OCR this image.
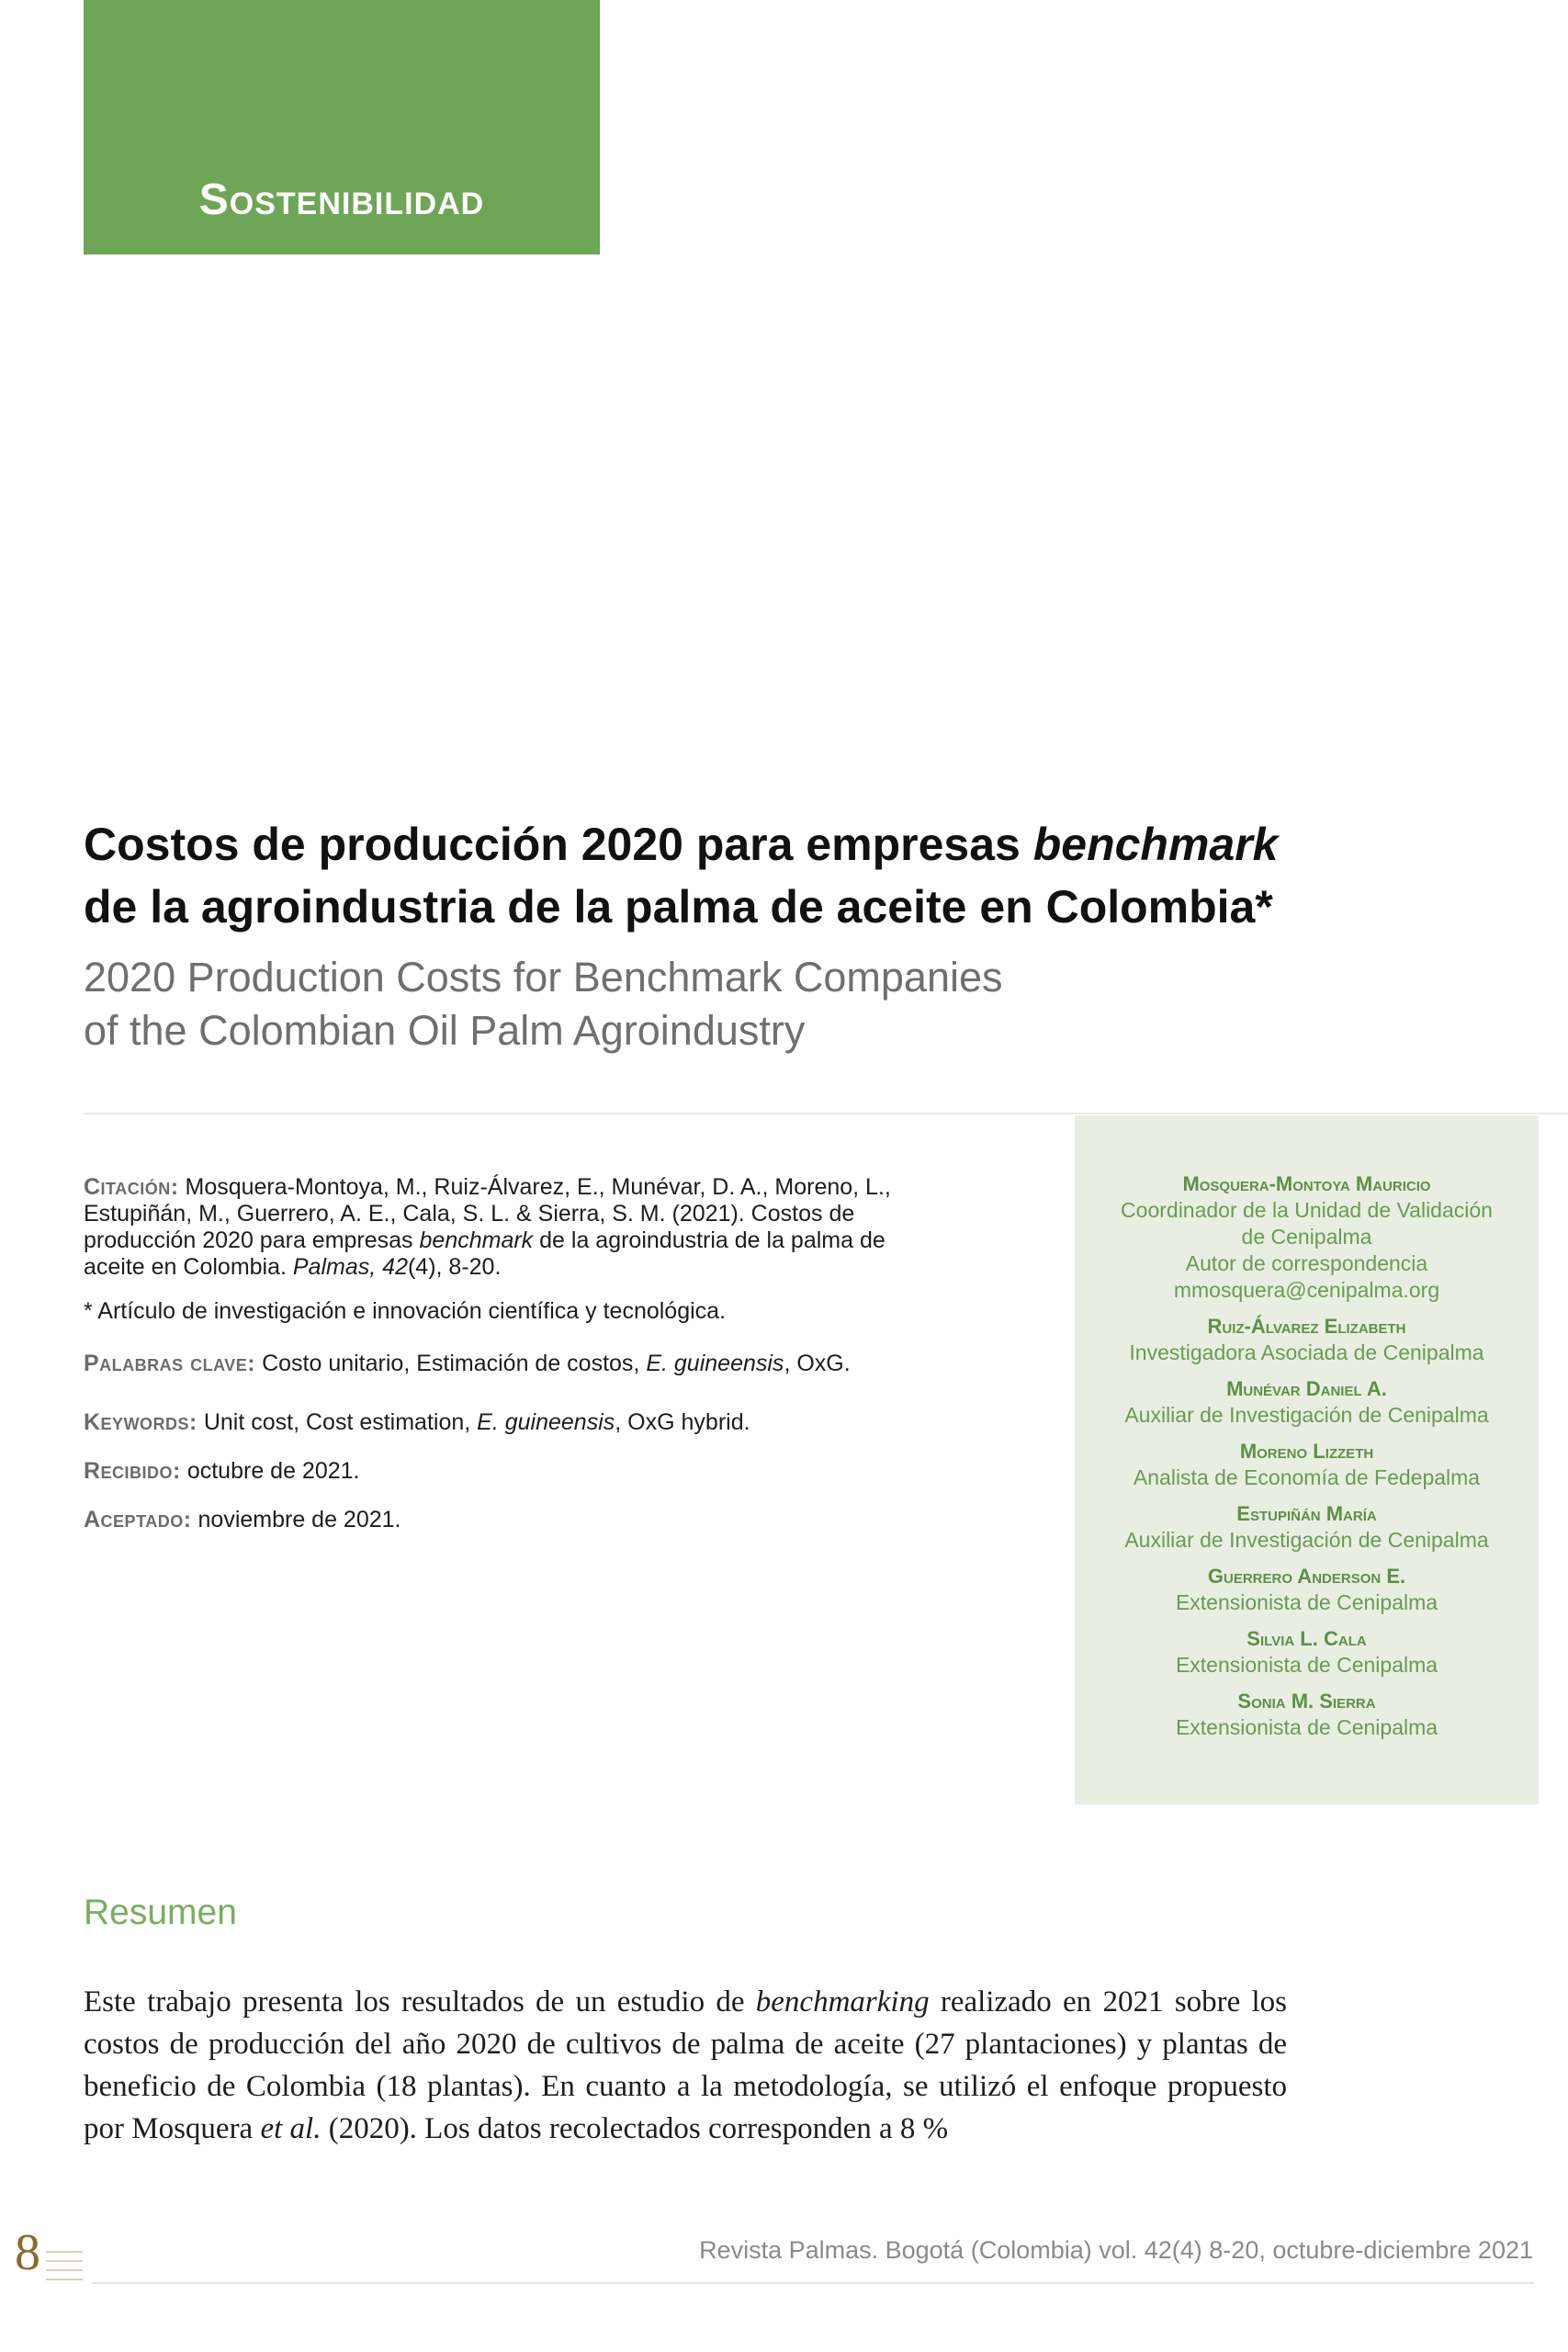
Sostenibilidad
Costos de producción 2020 para empresas benchmark
de la agroindustria de la palma de aceite en Colombia*
2020 Production Costs for Benchmark Companies
of the Colombian Oil Palm Agroindustry

Citación: Mosquera-Montoya, M., Ruiz-Álvarez, E., Munévar, D. A., Moreno, L., Estupiñán, M., Guerrero, A. E., Cala, S. L. & Sierra, S. M. (2021). Costos de producción 2020 para empresas benchmark de la agroindustria de la palma de aceite en Colombia. Palmas, 42(4), 8-20.

* Artículo de investigación e innovación científica y tecnológica.

Palabras clave: Costo unitario, Estimación de costos, E. guineensis, OxG.

Keywords: Unit cost, Cost estimation, E. guineensis, OxG hybrid.

Recibido: octubre de 2021.

Aceptado: noviembre de 2021.

Mosquera-Montoya Mauricio
Coordinador de la Unidad de Validación
de Cenipalma
Autor de correspondencia
mmosquera@cenipalma.org
Ruiz-Álvarez Elizabeth
Investigadora Asociada de Cenipalma
Munévar Daniel A.
Auxiliar de Investigación de Cenipalma
Moreno Lizzeth
Analista de Economía de Fedepalma
Estupiñán María
Auxiliar de Investigación de Cenipalma
Guerrero Anderson E.
Extensionista de Cenipalma
Silvia L. Cala
Extensionista de Cenipalma
Sonia M. Sierra
Extensionista de Cenipalma
Resumen
Este trabajo presenta los resultados de un estudio de benchmarking realizado en 2021 sobre los costos de producción del año 2020 de cultivos de palma de aceite (27 plantaciones) y plantas de beneficio de Colombia (18 plantas). En cuanto a la metodología, se utilizó el enfoque propuesto por Mosquera et al. (2020). Los datos recolectados corresponden a 8 %
8	Revista Palmas. Bogotá (Colombia) vol. 42(4) 8-20, octubre-diciembre 2021
